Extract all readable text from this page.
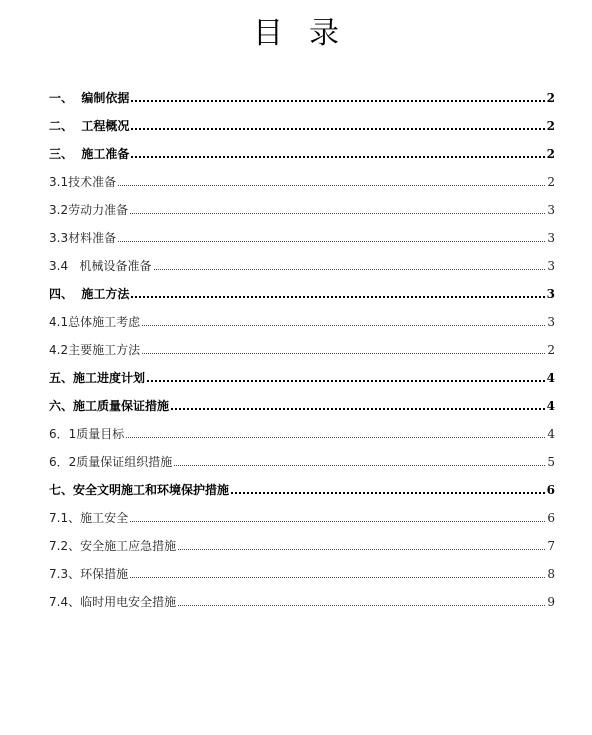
目录
一、  编制依据	2
二、  工程概况	2
三、  施工准备	2
3.1技术准备	2
3.2劳动力准备	3
3.3材料准备	3
3.4   机械设备准备	3
四、  施工方法	3
4.1总体施工考虑	3
4.2主要施工方法	2
五、施工进度计划	4
六、施工质量保证措施	4
6．1质量目标	4
6．2质量保证组织措施	5
七、安全文明施工和环境保护措施	6
7.1、施工安全	6
7.2、安全施工应急措施	7
7.3、环保措施	8
7.4、临时用电安全措施	9
